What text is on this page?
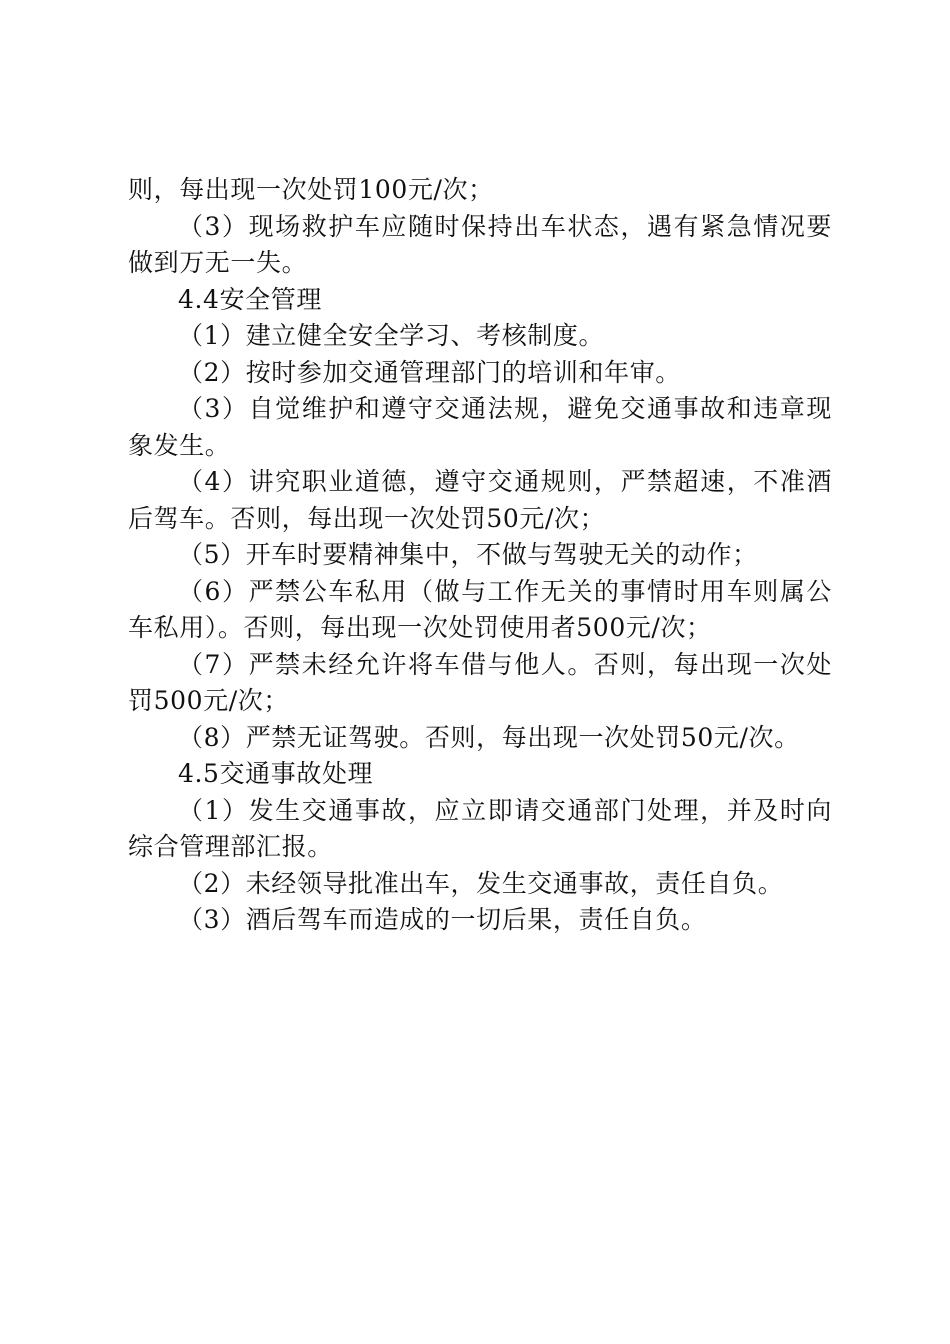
则，每出现一次处罚100元/次；

（3）现场救护车应随时保持出车状态，遇有紧急情况要做到万无一失。

4.4安全管理

（1）建立健全安全学习、考核制度。

（2）按时参加交通管理部门的培训和年审。

（3）自觉维护和遵守交通法规，避免交通事故和违章现象发生。

（4）讲究职业道德，遵守交通规则，严禁超速，不准酒后驾车。否则，每出现一次处罚50元/次；

（5）开车时要精神集中，不做与驾驶无关的动作；

（6）严禁公车私用（做与工作无关的事情时用车则属公车私用）。否则，每出现一次处罚使用者500元/次；

（7）严禁未经允许将车借与他人。否则，每出现一次处罚500元/次；

（8）严禁无证驾驶。否则，每出现一次处罚50元/次。

4.5交通事故处理

（1）发生交通事故，应立即请交通部门处理，并及时向综合管理部汇报。

（2）未经领导批准出车，发生交通事故，责任自负。

（3）酒后驾车而造成的一切后果，责任自负。
